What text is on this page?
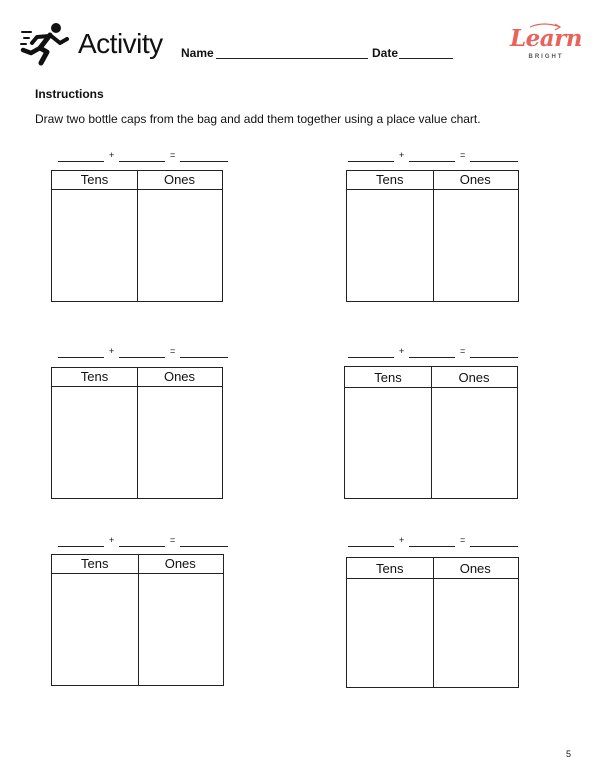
Activity Name	Date
Learn
BRIGHT
Instructions
Draw two bottle caps from the bag and add them together using a place value chart.
+	=
Tens	Ones
+	=
Tens	Ones
+	=
Tens	Ones
+	=
Tens	Ones
+	=
Tens	Ones
+	=
Tens	Ones
5
